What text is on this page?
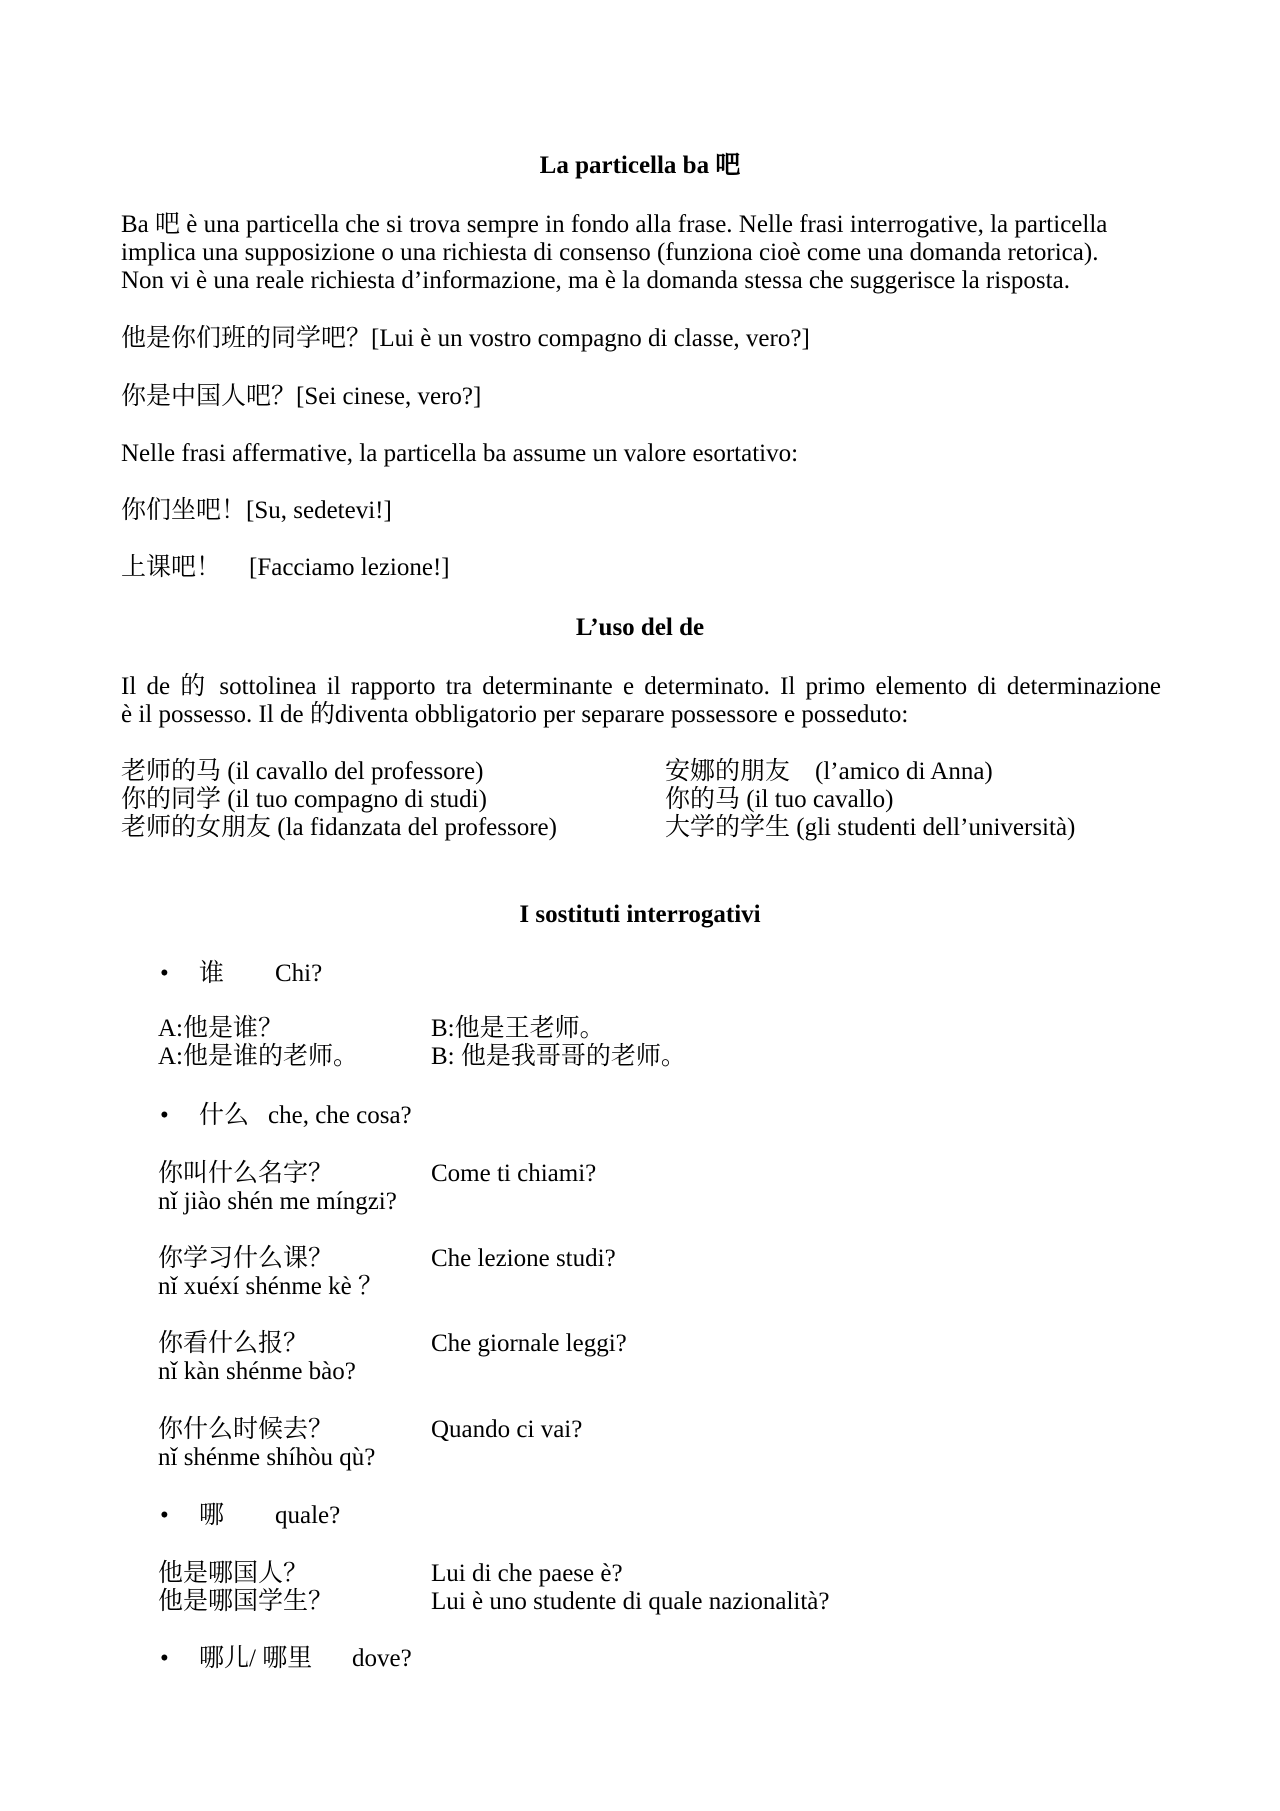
La particella ba 吧
Ba 吧 è una particella che si trova sempre in fondo alla frase. Nelle frasi interrogative, la particella
implica una supposizione o una richiesta di consenso (funziona cioè come una domanda retorica).
Non vi è una reale richiesta d’informazione, ma è la domanda stessa che suggerisce la risposta.
他是你们班的同学吧？[Lui è un vostro compagno di classe, vero?]
你是中国人吧？[Sei cinese, vero?]
Nelle frasi affermative, la particella ba assume un valore esortativo:
你们坐吧！[Su, sedetevi!]
上课吧！ [Facciamo lezione!]
L’uso del de
Il de 的 sottolinea il rapporto tra determinante e determinato. Il primo elemento di determinazione
è il possesso. Il de 的diventa obbligatorio per separare possessore e posseduto:
老师的马 (il cavallo del professore)
你的同学 (il tuo compagno di studi)
老师的女朋友 (la fidanzata del professore)
安娜的朋友    (l’amico di Anna)
你的马 (il tuo cavallo)
大学的学生 (gli studenti dell’università)
I sostituti interrogativi
• 谁 Chi?
A:他是谁？
A:他是谁的老师。
B:他是王老师。
B: 他是我哥哥的老师。
• 什么 che, che cosa?
你叫什么名字？
nǐ jiào shén me míngzi?
Come ti chiami?
你学习什么课？
nǐ xuéxí shénme kè ？
Che lezione studi?
你看什么报？
nǐ kàn shénme bào?
Che giornale leggi?
你什么时候去？
nǐ shénme shíhòu qù?
Quando ci vai?
• 哪 quale?
他是哪国人？
他是哪国学生？
Lui di che paese è?
Lui è uno studente di quale nazionalità?
• 哪儿/ 哪里 dove?
